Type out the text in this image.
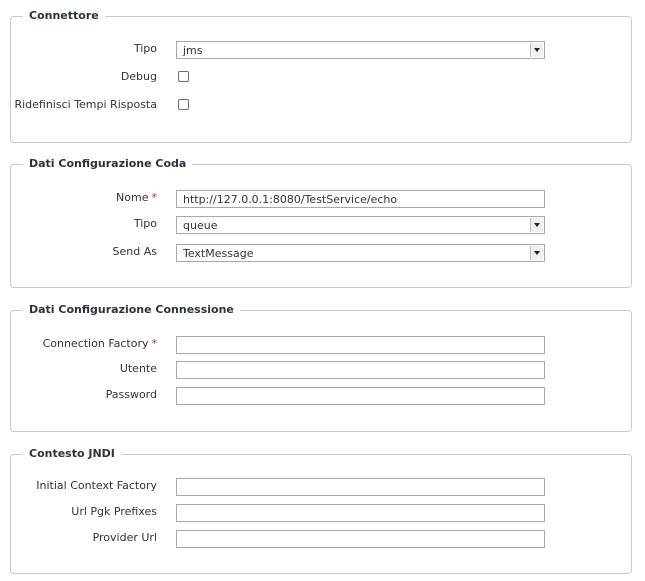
Connettore
Tipo jms
Debug
Ridefinisci Tempi Risposta
Dati Configurazione Coda
Nome * http://127.0.0.1:8080/TestService/echo
Tipo queue
Send As TextMessage
Dati Configurazione Connessione
Connection Factory *
Utente
Password
Contesto JNDI
Initial Context Factory
Url Pgk Prefixes
Provider Url
